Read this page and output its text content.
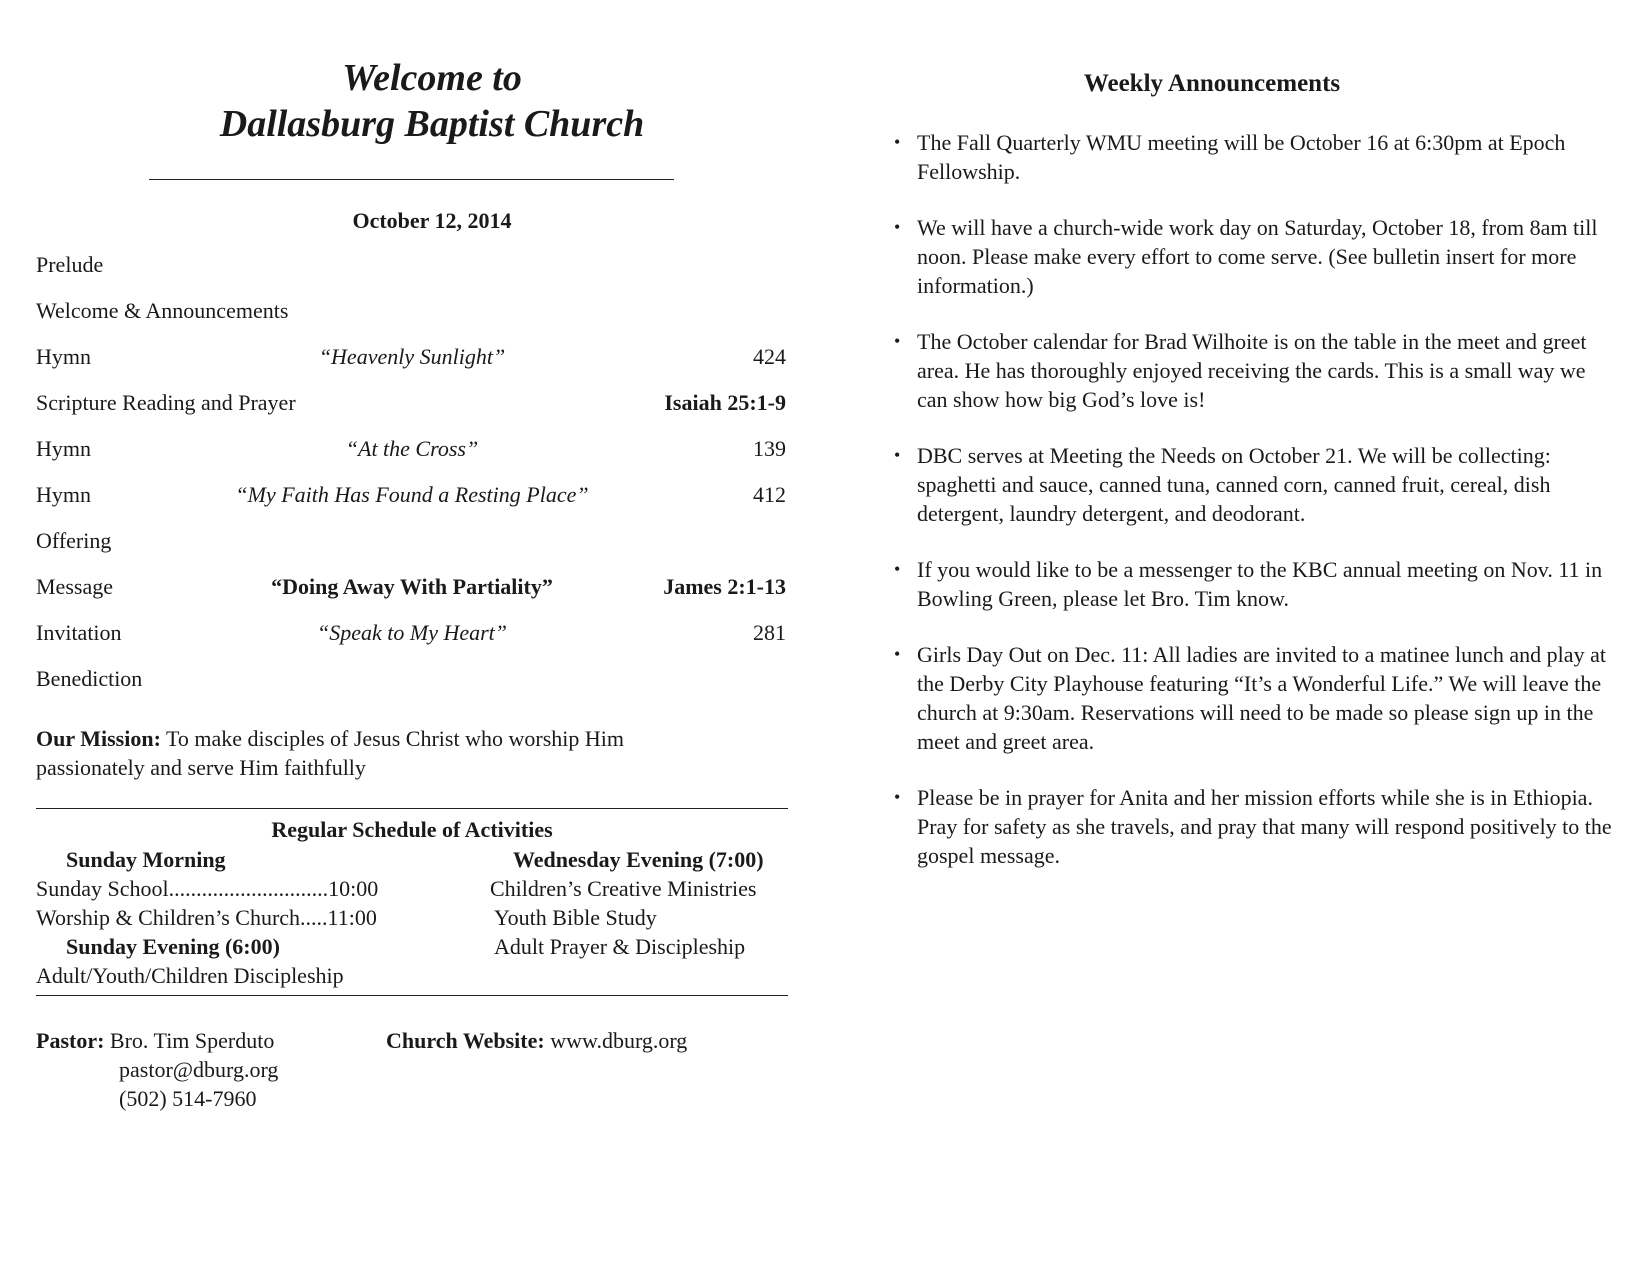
Welcome to
Dallasburg Baptist Church
October 12, 2014
Prelude
Welcome & Announcements
Hymn	“Heavenly Sunlight”	424
Scripture Reading and Prayer	Isaiah 25:1-9
Hymn	“At the Cross”	139
Hymn	“My Faith Has Found a Resting Place”	412
Offering
Message	“Doing Away With Partiality”	James 2:1-13
Invitation	“Speak to My Heart”	281
Benediction
Our Mission: To make disciples of Jesus Christ who worship Him passionately and serve Him faithfully
Regular Schedule of Activities
Sunday Morning
Sunday School.............................10:00
Worship & Children’s Church.....11:00
Sunday Evening (6:00)
Adult/Youth/Children Discipleship
Wednesday Evening (7:00)
Children’s Creative Ministries
Youth Bible Study
Adult Prayer & Discipleship
Pastor: Bro. Tim Sperduto
pastor@dburg.org
(502) 514-7960
Church Website: www.dburg.org
Weekly Announcements
• The Fall Quarterly WMU meeting will be October 16 at 6:30pm at Epoch Fellowship.
• We will have a church-wide work day on Saturday, October 18, from 8am till noon. Please make every effort to come serve. (See bulletin insert for more information.)
• The October calendar for Brad Wilhoite is on the table in the meet and greet area. He has thoroughly enjoyed receiving the cards. This is a small way we can show how big God’s love is!
• DBC serves at Meeting the Needs on October 21. We will be collecting: spaghetti and sauce, canned tuna, canned corn, canned fruit, cereal, dish detergent, laundry detergent, and deodorant.
• If you would like to be a messenger to the KBC annual meeting on Nov. 11 in Bowling Green, please let Bro. Tim know.
• Girls Day Out on Dec. 11: All ladies are invited to a matinee lunch and play at the Derby City Playhouse featuring “It’s a Wonderful Life.” We will leave the church at 9:30am. Reservations will need to be made so please sign up in the meet and greet area.
• Please be in prayer for Anita and her mission efforts while she is in Ethiopia. Pray for safety as she travels, and pray that many will respond positively to the gospel message.
